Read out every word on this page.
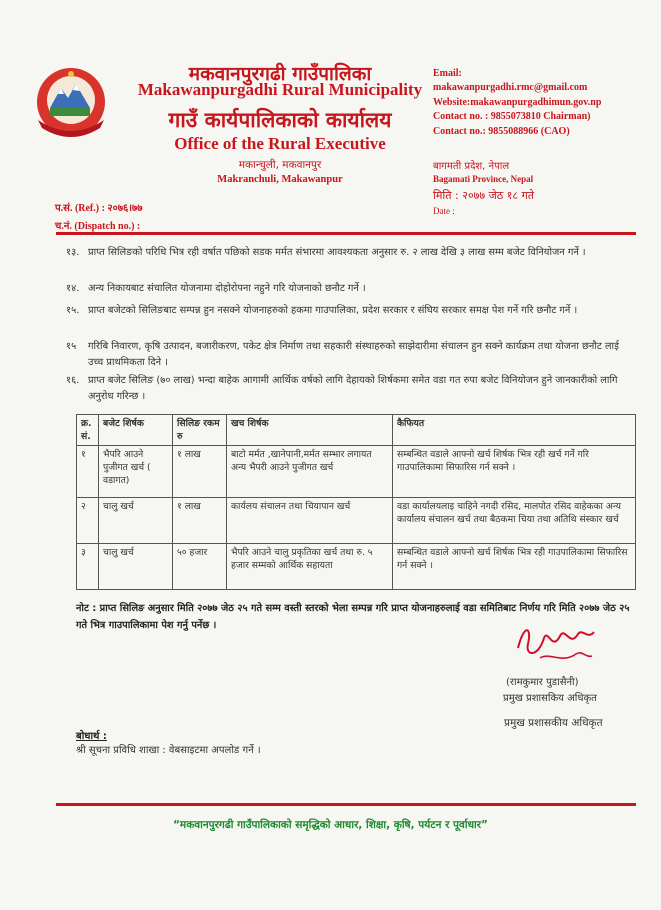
मकवानपुरगढी गाउँपालिका
Makawanpurgadhi Rural Municipality
गाउँ कार्यपालिकाको कार्यालय
Office of the Rural Executive
मकान्चुली, मकवानपुर
Makranchuli, Makawanpur
Email:
makawanpurgadhi.rmc@gmail.com
Website:makawanpurgadhimun.gov.np
Contact no. : 9855073810 Chairman)
Contact no.: 9855088966 (CAO)
बागमती प्रदेश, नेपाल
Bagamati Province, Nepal
मिति : २०७७ जेठ १८ गते
Date :
प.सं. (Ref.) : २०७६।७७
च.नं. (Dispatch no.) :
१३. प्राप्त सिलिङको परिधि भित्र रही वर्षात पछिको सडक मर्मत संभारमा आवश्यकता अनुसार रु. २ लाख देखि ३ लाख सम्म बजेट विनियोजन गर्ने ।
१४. अन्य निकायबाट संचालित योजनामा दोहोरोपना नहुने गरि योजनाको छनौट गर्ने ।
१५. प्राप्त बजेटको सिलिङबाट सम्पन्न हुन नसक्ने योजनाहरुको हकमा गाउपालिका, प्रदेश सरकार र संघिय सरकार समक्ष पेश गर्ने गरि छनौट गर्ने ।
१५ गरिबि निवारण, कृषि उत्पादन, बजारीकरण, पकेट क्षेत्र निर्माण तथा सहकारी संस्थाहरुको साझेदारीमा संचालन हुन सक्ने कार्यक्रम तथा योजना छनौट लाई उच्च प्राथमिकता दिने ।
१६. प्राप्त बजेट सिलिङ (७० लाख) भन्दा बाहेक आगामी आर्थिक वर्षको लागि देहायको शिर्षकमा समेत वडा गत रुपा बजेट विनियोजन हुने जानकारीको लागि अनुरोध गरिन्छ ।
क्र. सं.	बजेट शिर्षक	सिलिङ रकम रु	खच शिर्षक	कैफियत
१	भैपरि आउने पुजीगत खर्च ( वडागत)	१ लाख	बाटो मर्मत ,खानेपानी,मर्मत सम्भार लगायत अन्य भैपरी आउने पुजीगत खर्च	सम्बन्धित वडाले आफ्नो खर्च शिर्षक भित्र रही खर्च गर्ने गरि गाउपालिकामा सिफारिस गर्न सक्ने ।
२	चालु खर्च	१ लाख	कार्यलय संचालन तथा चियापान खर्च	वडा कार्यालयलाइ चाहिने नगदी रसिद, मालपोत रसिद वाहेकका अन्य कार्यालय संचालन खर्च तथा बैठकमा चिया तथा अतिथि संस्कार खर्च
३	चालु खर्च	५० हजार	भैपरि आउने चालु प्रकृतिका खर्च तथा रु. ५ हजार सम्मको आर्थिक सहायता	सम्बन्धित वडाले आफ्नो खर्च शिर्षक भित्र रही गाउपालिकामा सिफारिस गर्न सक्ने ।
नोट : प्राप्त सिलिङ अनुसार मिति २०७७ जेठ २५ गते सम्म वस्ती स्तरको भेला सम्पन्न गरि प्राप्त योजनाहरुलाई वडा समितिबाट निर्णय गरि मिति २०७७ जेठ २५ गते भित्र गाउपालिकामा पेश गर्नु पर्नेछ ।
(रामकुमार पुडासैनी)
प्रमुख प्रशासकिय अधिकृत
प्रमुख प्रशासकीय अधिकृत
बोधार्थ :
श्री सूचना प्रविधि शाखा : वेबसाइटमा अपलोड गर्ने ।
“मकवानपुरगढी गाउँपालिकाको समृद्धिको आधार, शिक्षा, कृषि, पर्यटन र पूर्वाधार”
